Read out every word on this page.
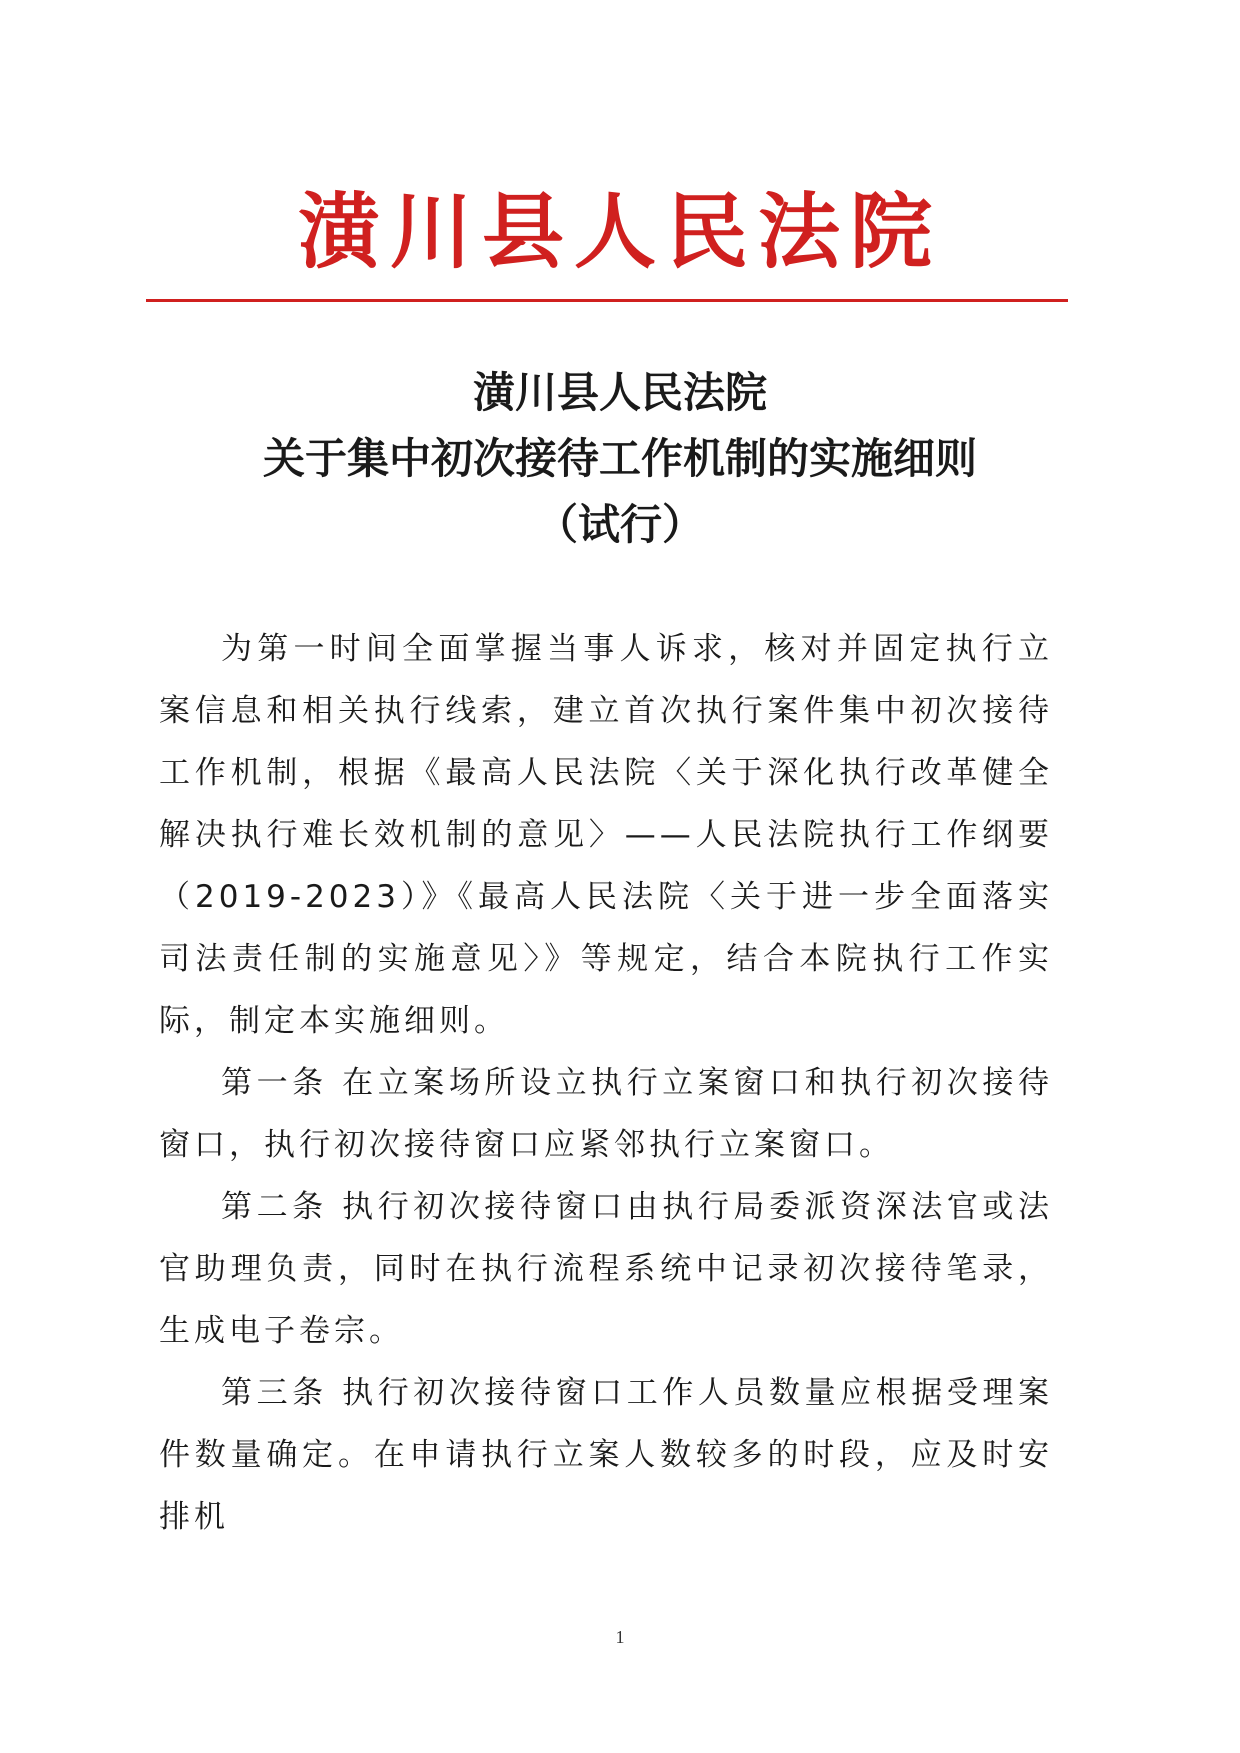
潢川县人民法院
潢川县人民法院
关于集中初次接待工作机制的实施细则
（试行）

为第一时间全面掌握当事人诉求，核对并固定执行立案信息和相关执行线索，建立首次执行案件集中初次接待工作机制，根据《最高人民法院〈关于深化执行改革健全解决执行难长效机制的意见〉——人民法院执行工作纲要（2019-2023）》《最高人民法院〈关于进一步全面落实司法责任制的实施意见〉》等规定，结合本院执行工作实际，制定本实施细则。

第一条 在立案场所设立执行立案窗口和执行初次接待窗口，执行初次接待窗口应紧邻执行立案窗口。

第二条 执行初次接待窗口由执行局委派资深法官或法官助理负责，同时在执行流程系统中记录初次接待笔录，生成电子卷宗。

第三条 执行初次接待窗口工作人员数量应根据受理案件数量确定。在申请执行立案人数较多的时段，应及时安排机

1
